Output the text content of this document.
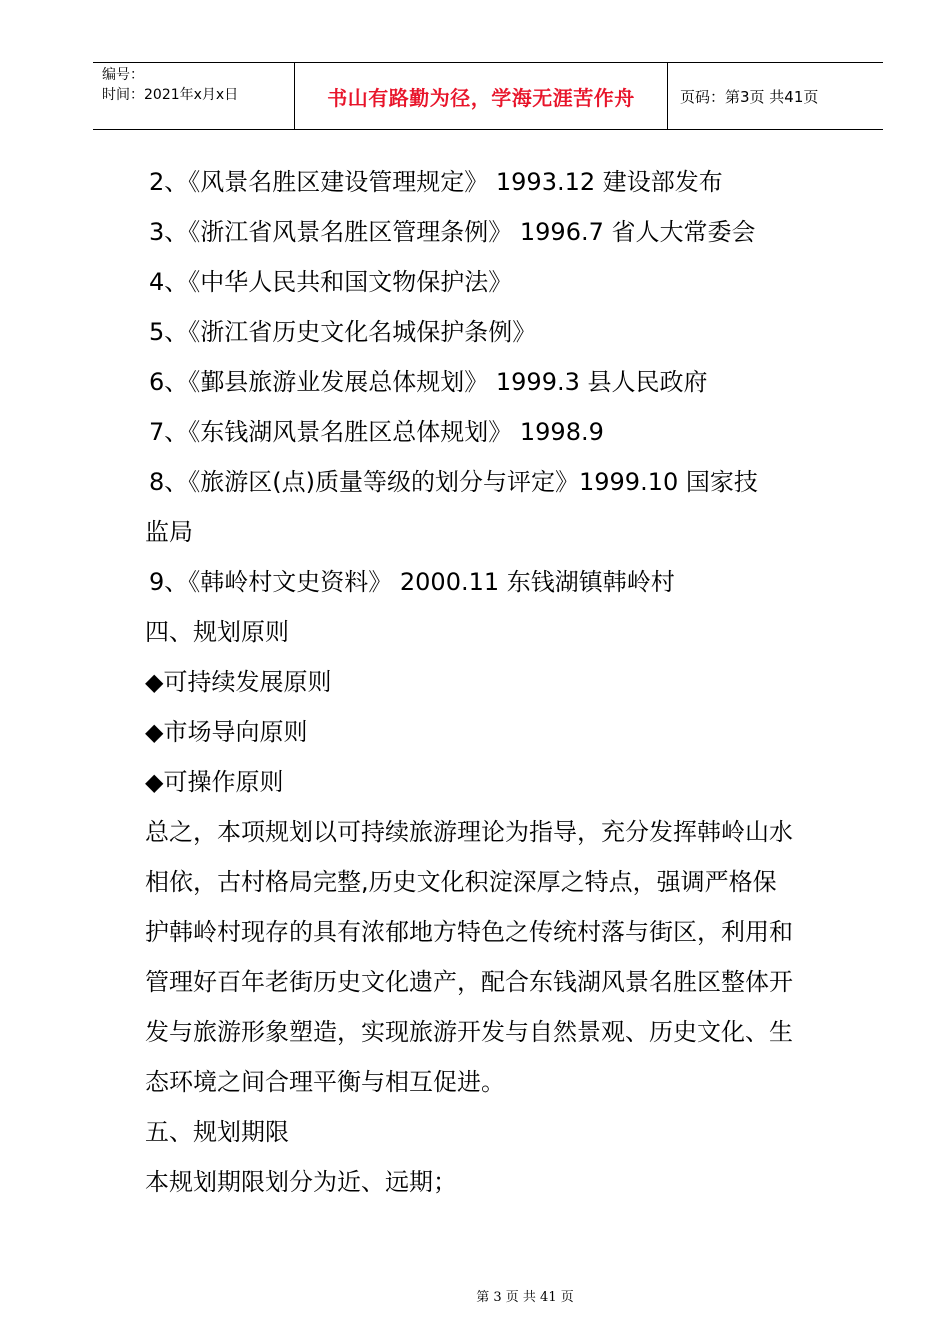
编号：
时间：2021年x月x日	书山有路勤为径，学海无涯苦作舟	页码：第3页 共41页
2、《风景名胜区建设管理规定》 1993.12 建设部发布
3、《浙江省风景名胜区管理条例》 1996.7 省人大常委会
4、《中华人民共和国文物保护法》
5、《浙江省历史文化名城保护条例》
6、《鄞县旅游业发展总体规划》 1999.3 县人民政府
7、《东钱湖风景名胜区总体规划》 1998.9
8、《旅游区(点)质量等级的划分与评定》1999.10 国家技
监局
9、《韩岭村文史资料》 2000.11 东钱湖镇韩岭村
四、规划原则
◆可持续发展原则
◆市场导向原则
◆可操作原则
总之，本项规划以可持续旅游理论为指导，充分发挥韩岭山水
相依，古村格局完整,历史文化积淀深厚之特点，强调严格保
护韩岭村现存的具有浓郁地方特色之传统村落与街区，利用和
管理好百年老街历史文化遗产，配合东钱湖风景名胜区整体开
发与旅游形象塑造，实现旅游开发与自然景观、历史文化、生
态环境之间合理平衡与相互促进。
五、规划期限
本规划期限划分为近、远期；
第 3 页 共 41 页
